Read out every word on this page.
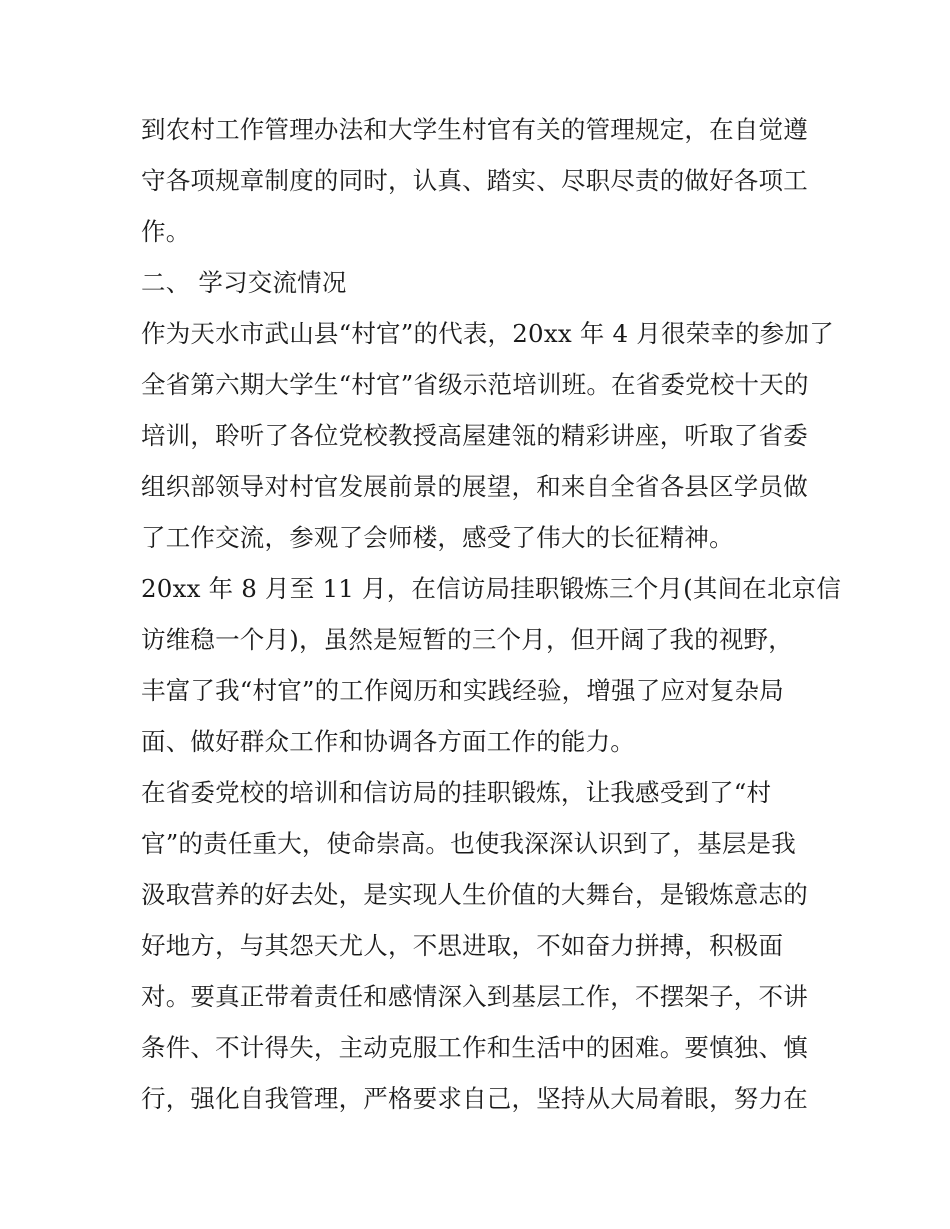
到农村工作管理办法和大学生村官有关的管理规定，在自觉遵
守各项规章制度的同时，认真、踏实、尽职尽责的做好各项工
作。
二、 学习交流情况
作为天水市武山县“村官”的代表，20xx 年 4 月很荣幸的参加了
全省第六期大学生“村官”省级示范培训班。在省委党校十天的
培训，聆听了各位党校教授高屋建瓴的精彩讲座，听取了省委
组织部领导对村官发展前景的展望，和来自全省各县区学员做
了工作交流，参观了会师楼，感受了伟大的长征精神。
20xx 年 8 月至 11 月，在信访局挂职锻炼三个月(其间在北京信
访维稳一个月)，虽然是短暂的三个月，但开阔了我的视野，
丰富了我“村官”的工作阅历和实践经验，增强了应对复杂局
面、做好群众工作和协调各方面工作的能力。
在省委党校的培训和信访局的挂职锻炼，让我感受到了“村
官”的责任重大，使命崇高。也使我深深认识到了，基层是我
汲取营养的好去处，是实现人生价值的大舞台，是锻炼意志的
好地方，与其怨天尤人，不思进取，不如奋力拼搏，积极面
对。要真正带着责任和感情深入到基层工作，不摆架子，不讲
条件、不计得失，主动克服工作和生活中的困难。要慎独、慎
行，强化自我管理，严格要求自己，坚持从大局着眼，努力在
